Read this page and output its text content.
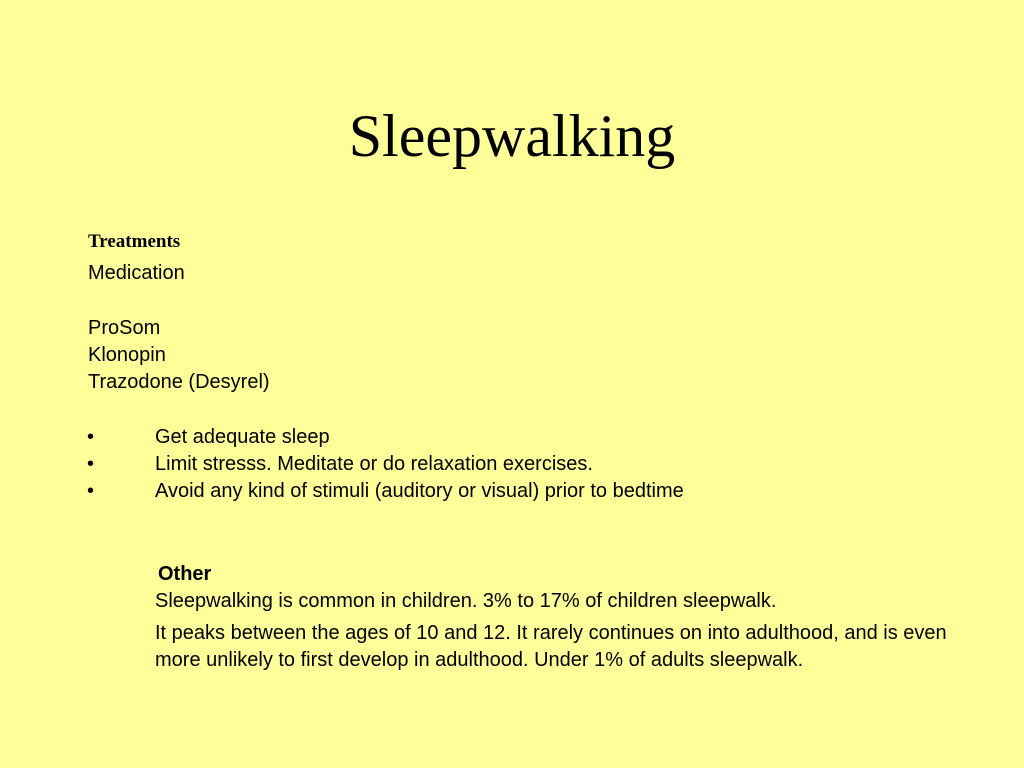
Sleepwalking
Treatments
Medication
ProSom
Klonopin
Trazodone (Desyrel)
•	Get adequate sleep
•	Limit stresss. Meditate or do relaxation exercises.
•	Avoid any kind of stimuli (auditory or visual) prior to bedtime
Other
Sleepwalking is common in children. 3% to 17% of children sleepwalk.
It peaks between the ages of 10 and 12. It rarely continues on into adulthood, and is even more unlikely to first develop in adulthood. Under 1% of adults sleepwalk.
